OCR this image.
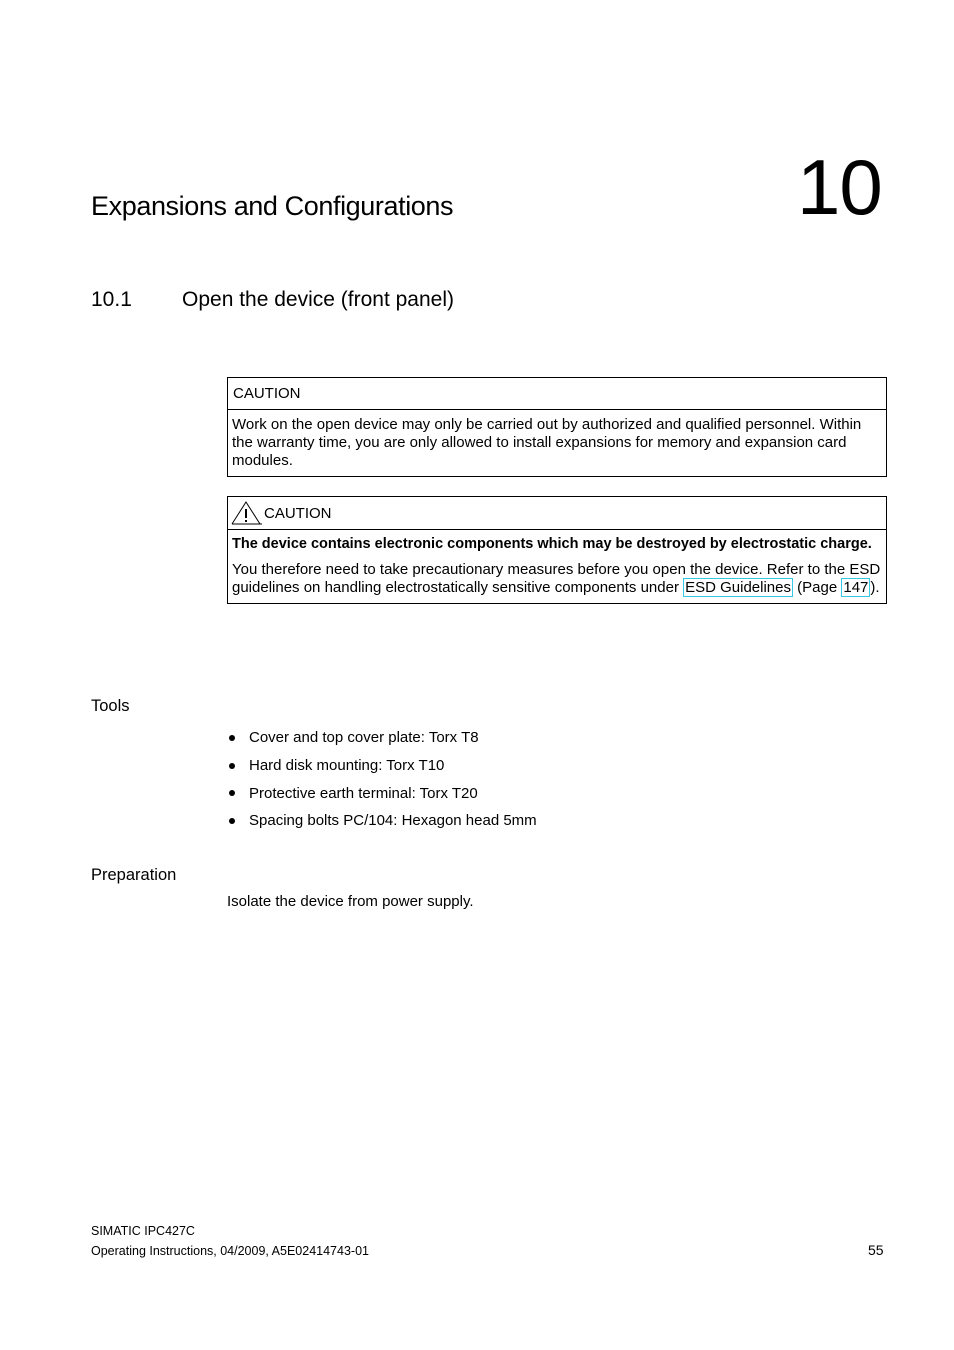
Expansions and Configurations	10
10.1 Open the device (front panel)
CAUTION
Work on the open device may only be carried out by authorized and qualified personnel. Within the warranty time, you are only allowed to install expansions for memory and expansion card modules.
CAUTION
The device contains electronic components which may be destroyed by electrostatic charge.
You therefore need to take precautionary measures before you open the device. Refer to the ESD guidelines on handling electrostatically sensitive components under ESD Guidelines (Page 147 ).
Tools
Cover and top cover plate: Torx T8
Hard disk mounting: Torx T10
Protective earth terminal: Torx T20
Spacing bolts PC/104: Hexagon head 5mm
Preparation
Isolate the device from power supply.
SIMATIC IPC427C
Operating Instructions, 04/2009, A5E02414743-01	55
